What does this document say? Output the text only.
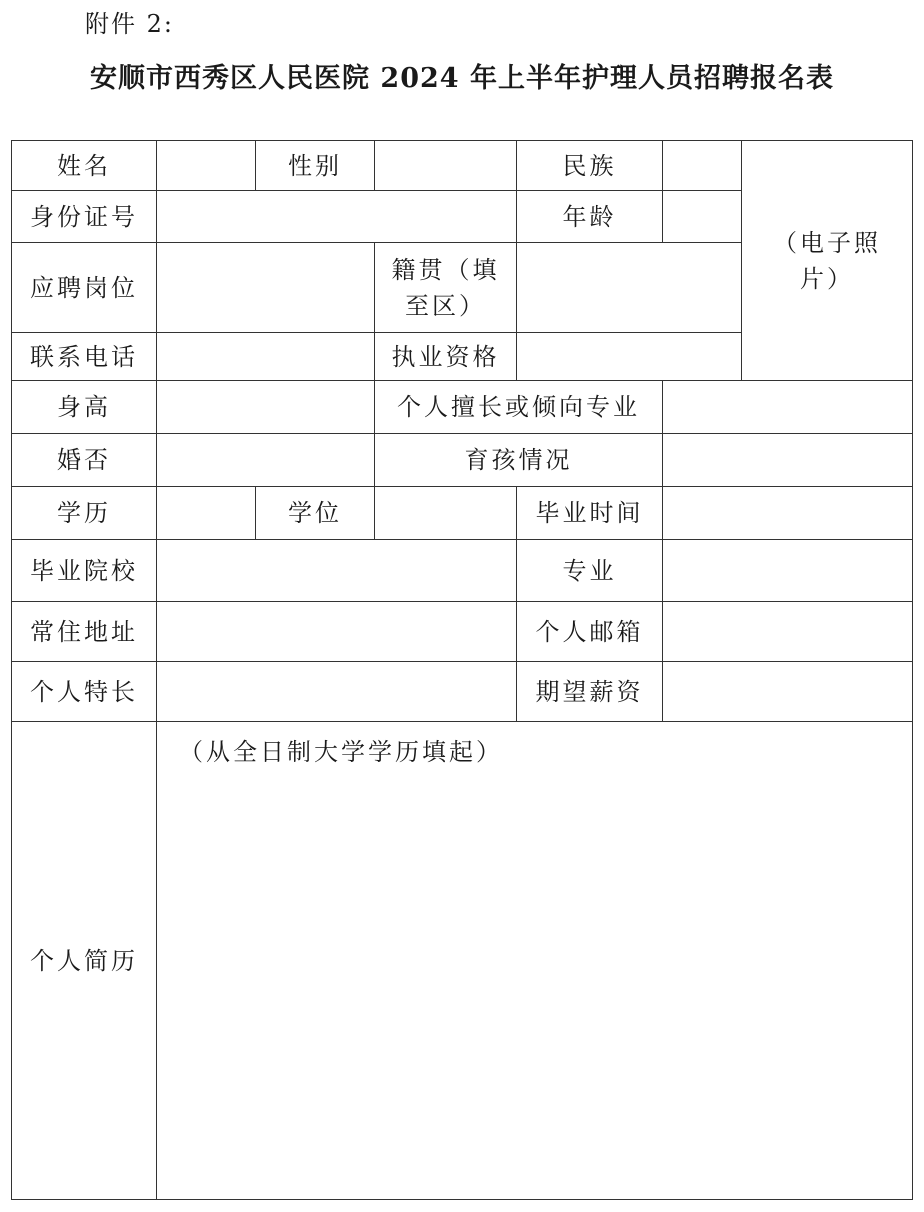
附件 2:
安顺市西秀区人民医院 2024 年上半年护理人员招聘报名表
姓名		性别		民族		（电子照片）

身份证号				年龄		
应聘岗位			籍贯（填至区）			
联系电话			执业资格			
身高			个人擅长或倾向专业			
婚否			育孩情况			
学历		学位		毕业时间		
毕业院校				专业		
常住地址				个人邮箱		
个人特长				期望薪资		
个人简历	（从全日制大学学历填起）					
